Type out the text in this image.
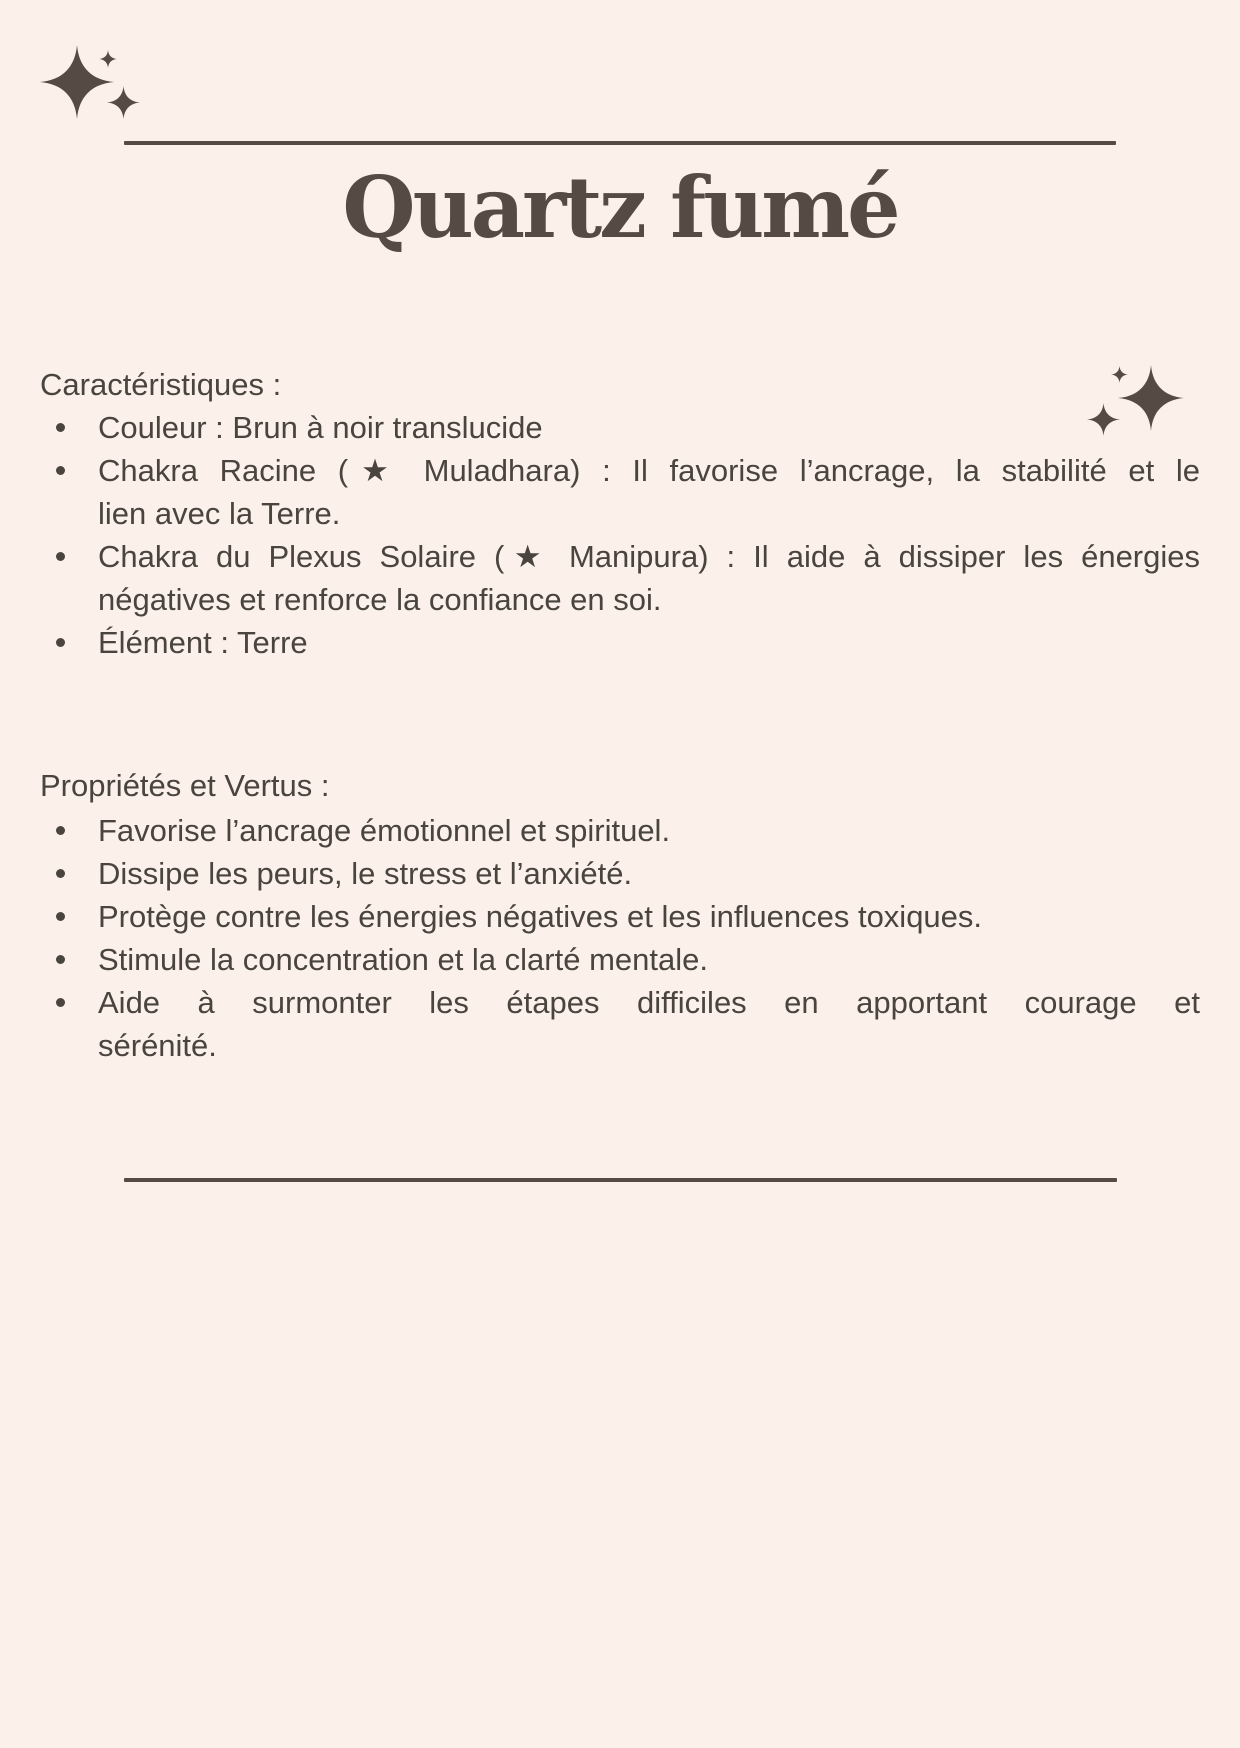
Quartz fumé
Caractéristiques :
Couleur : Brun à noir translucide
Chakra Racine (★ Muladhara) : Il favorise l’ancrage, la stabilité et le
lien avec la Terre.
Chakra du Plexus Solaire (★ Manipura) : Il aide à dissiper les énergies
négatives et renforce la confiance en soi.
Élément : Terre
Propriétés et Vertus :
Favorise l’ancrage émotionnel et spirituel.
Dissipe les peurs, le stress et l’anxiété.
Protège contre les énergies négatives et les influences toxiques.
Stimule la concentration et la clarté mentale.
Aide à surmonter les étapes difficiles en apportant courage et
sérénité.
